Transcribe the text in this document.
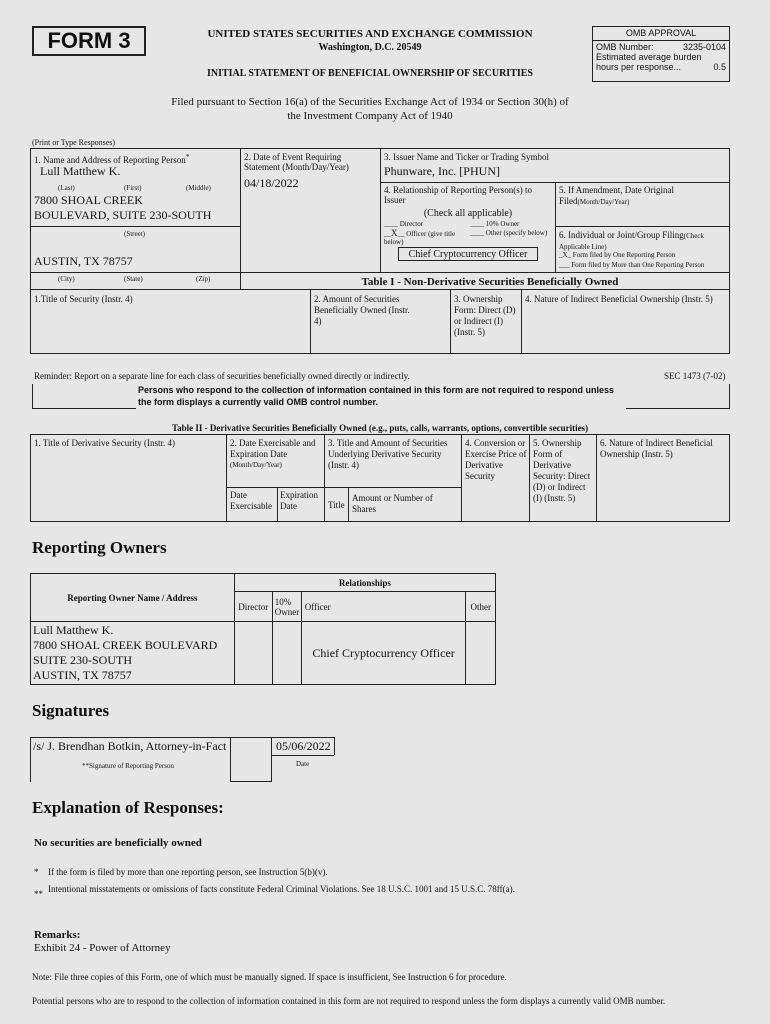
FORM 3	UNITED STATES SECURITIES AND EXCHANGE COMMISSION
Washington, D.C. 20549
INITIAL STATEMENT OF BENEFICIAL OWNERSHIP OF SECURITIES
OMB APPROVAL
OMB Number:	3235-0104
Estimated average burden
hours per response...	0.5
Filed pursuant to Section 16(a) of the Securities Exchange Act of 1934 or Section 30(h) of
the Investment Company Act of 1940
(Print or Type Responses)
1. Name and Address of Reporting Person*
Lull Matthew K.
(Last)	(First)	(Middle)
7800 SHOAL CREEK
BOULEVARD, SUITE 230-SOUTH
(Street)
AUSTIN, TX 78757
(City)	(State)	(Zip)
2. Date of Event Requiring Statement (Month/Day/Year)
04/18/2022
3. Issuer Name and Ticker or Trading Symbol
Phunware, Inc. [PHUN]
4. Relationship of Reporting Person(s) to Issuer
(Check all applicable)
____ Director	____ 10% Owner
__X__ Officer (give title below)
____ Other (specify below)
Chief Cryptocurrency Officer
5. If Amendment, Date Original Filed(Month/Day/Year)
6. Individual or Joint/Group Filing(Check Applicable Line)
_X_ Form filed by One Reporting Person
___ Form filed by More than One Reporting Person
Table I - Non-Derivative Securities Beneficially Owned
1.Title of Security (Instr. 4)	2. Amount of Securities Beneficially Owned (Instr. 4)
3. Ownership Form: Direct (D) or Indirect (I) (Instr. 5)
4. Nature of Indirect Beneficial Ownership (Instr. 5)
Reminder: Report on a separate line for each class of securities beneficially owned directly or indirectly.	SEC 1473 (7-02)
Persons who respond to the collection of information contained in this form are not required to respond unless the form displays a currently valid OMB control number.
Table II - Derivative Securities Beneficially Owned (e.g., puts, calls, warrants, options, convertible securities)
1. Title of Derivative Security (Instr. 4)	2. Date Exercisable and Expiration Date
(Month/Day/Year)
Date Exercisable
Expiration Date
3. Title and Amount of Securities Underlying Derivative Security (Instr. 4)
Title
Amount or Number of Shares
4. Conversion or Exercise Price of Derivative Security
5. Ownership Form of Derivative Security: Direct (D) or Indirect (I) (Instr. 5)
6. Nature of Indirect Beneficial Ownership (Instr. 5)
Reporting Owners
Reporting Owner Name / Address	Relationships			
	Director	10% Owner	Officer	Other
Lull Matthew K.
7800 SHOAL CREEK BOULEVARD
SUITE 230-SOUTH
AUSTIN, TX 78757			Chief Cryptocurrency Officer	
Signatures
/s/ J. Brendhan Botkin, Attorney-in-Fact
**Signature of Reporting Person
05/06/2022
Date
Explanation of Responses:
No securities are beneficially owned
* If the form is filed by more than one reporting person, see Instruction 5(b)(v).
** Intentional misstatements or omissions of facts constitute Federal Criminal Violations. See 18 U.S.C. 1001 and 15 U.S.C. 78ff(a).
Remarks:
Exhibit 24 - Power of Attorney
Note: File three copies of this Form, one of which must be manually signed. If space is insufficient, See Instruction 6 for procedure.
Potential persons who are to respond to the collection of information contained in this form are not required to respond unless the form displays a currently valid OMB number.
